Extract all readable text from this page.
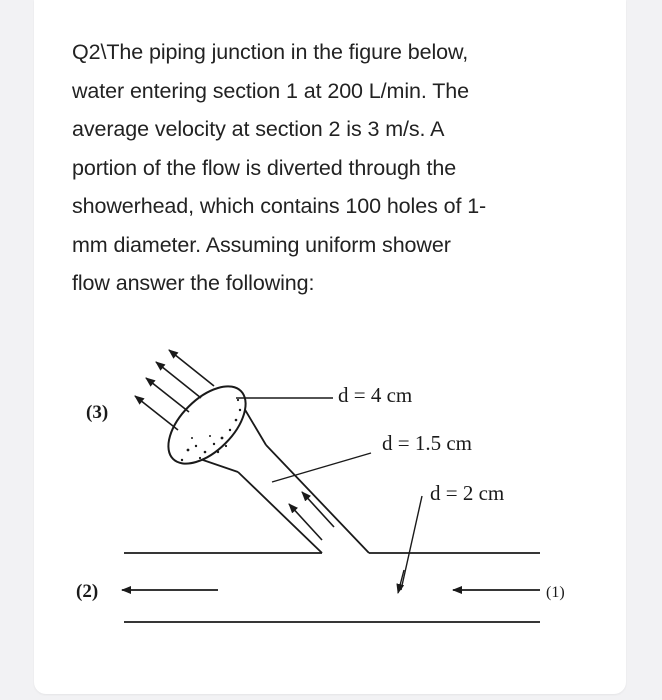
Q2\The piping junction in the figure below,
water entering section 1 at 200 L/min. The
average velocity at section 2 is 3 m/s. A
portion of the flow is diverted through the
showerhead, which contains 100 holes of 1-
mm diameter. Assuming uniform shower
flow answer the following:
(3)
(2)	(1)
d = 4 cm
d = 1.5 cm
d = 2 cm
